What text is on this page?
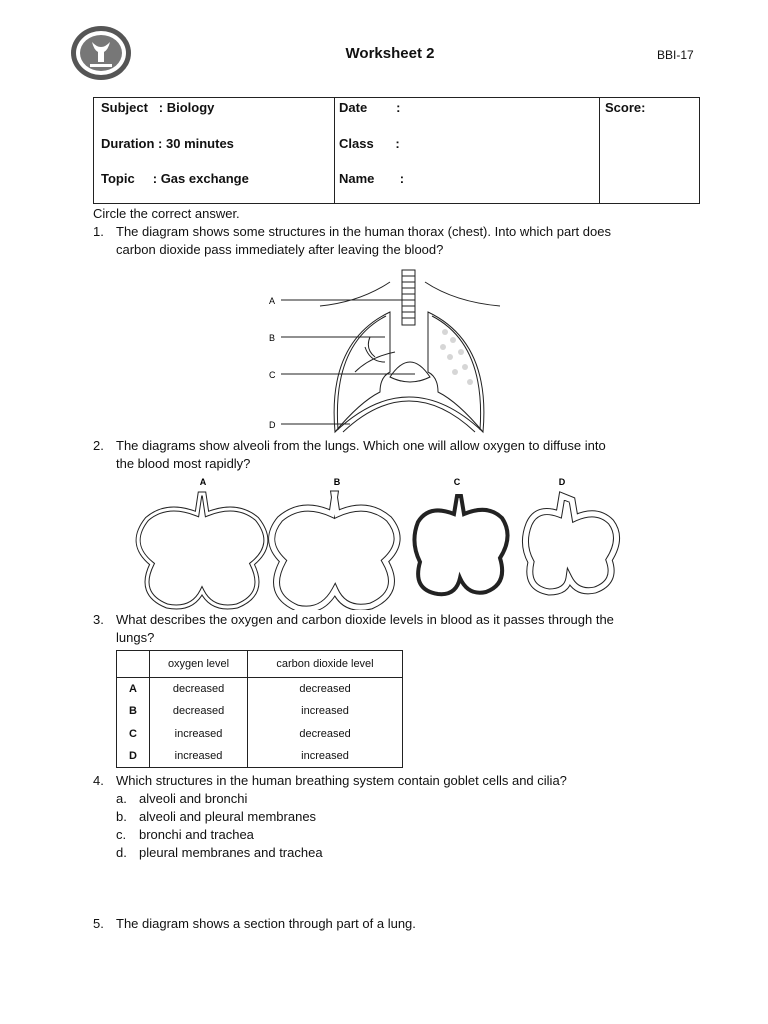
Worksheet 2	BBI-17
Subject   : Biology
Duration : 30 minutes
Topic     : Gas exchange
Date        :
Class      :
Name       :
Score:
Circle the correct answer.
1. The diagram shows some structures in the human thorax (chest). Into which part does
carbon dioxide pass immediately after leaving the blood?
A
B
C
D
2. The diagrams show alveoli from the lungs. Which one will allow oxygen to diffuse into
the blood most rapidly?
A	B	C	D
3. What describes the oxygen and carbon dioxide levels in blood as it passes through the
lungs?
	oxygen level	carbon dioxide level
A	decreased	decreased
B	decreased	increased
C	increased	decreased
D	increased	increased
4. Which structures in the human breathing system contain goblet cells and cilia?
a. alveoli and bronchi
b. alveoli and pleural membranes
c. bronchi and trachea
d. pleural membranes and trachea
5. The diagram shows a section through part of a lung.
